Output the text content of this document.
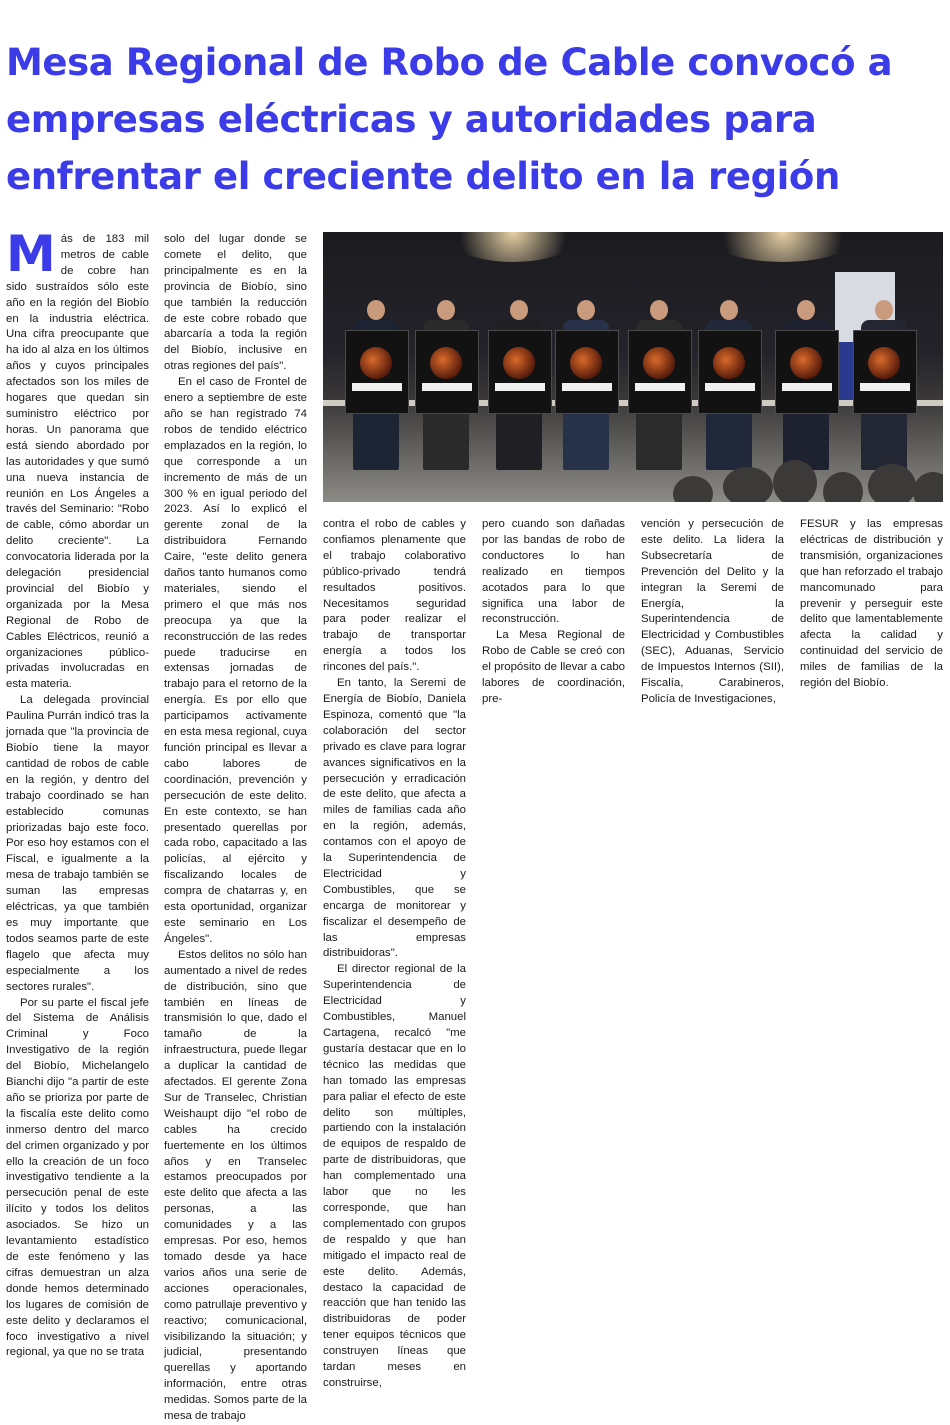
Mesa Regional de Robo de Cable convocó a empresas eléctricas y autoridades para enfrentar el creciente delito en la región

Más de 183 mil metros de cable de cobre han sido sustraídos sólo este año en la región del Biobío en la industria eléctrica. Una cifra preocupante que ha ido al alza en los últimos años y cuyos principales afectados son los miles de hogares que quedan sin suministro eléctrico por horas. Un panorama que está siendo abordado por las autoridades y que sumó una nueva instancia de reunión en Los Ángeles a través del Seminario: "Robo de cable, cómo abordar un delito creciente". La convocatoria liderada por la delegación presidencial provincial del Biobío y organizada por la Mesa Regional de Robo de Cables Eléctricos, reunió a organizaciones público-privadas involucradas en esta materia.

La delegada provincial Paulina Purrán indicó tras la jornada que "la provincia de Biobío tiene la mayor cantidad de robos de cable en la región, y dentro del trabajo coordinado se han establecido comunas priorizadas bajo este foco. Por eso hoy estamos con el Fiscal, e igualmente a la mesa de trabajo también se suman las empresas eléctricas, ya que también es muy importante que todos seamos parte de este flagelo que afecta muy especialmente a los sectores rurales".

Por su parte el fiscal jefe del Sistema de Análisis Criminal y Foco Investigativo de la región del Biobío, Michelangelo Bianchi dijo "a partir de este año se prioriza por parte de la fiscalía este delito como inmerso dentro del marco del crimen organizado y por ello la creación de un foco investigativo tendiente a la persecución penal de este ilícito y todos los delitos asociados. Se hizo un levantamiento estadístico de este fenómeno y las cifras demuestran un alza donde hemos determinado los lugares de comisión de este delito y declaramos el foco investigativo a nivel regional, ya que no se trata

solo del lugar donde se comete el delito, que principalmente es en la provincia de Biobío, sino que también la reducción de este cobre robado que abarcaría a toda la región del Biobío, inclusive en otras regiones del país".

En el caso de Frontel de enero a septiembre de este año se han registrado 74 robos de tendido eléctrico emplazados en la región, lo que corresponde a un incremento de más de un 300 % en igual periodo del 2023. Así lo explicó el gerente zonal de la distribuidora Fernando Caire, "este delito genera daños tanto humanos como materiales, siendo el primero el que más nos preocupa ya que la reconstrucción de las redes puede traducirse en extensas jornadas de trabajo para el retorno de la energía. Es por ello que participamos activamente en esta mesa regional, cuya función principal es llevar a cabo labores de coordinación, prevención y persecución de este delito. En este contexto, se han presentado querellas por cada robo, capacitado a las policías, al ejército y fiscalizando locales de compra de chatarras y, en esta oportunidad, organizar este seminario en Los Ángeles".

Estos delitos no sólo han aumentado a nivel de redes de distribución, sino que también en líneas de transmisión lo que, dado el tamaño de la infraestructura, puede llegar a duplicar la cantidad de afectados. El gerente Zona Sur de Transelec, Christian Weishaupt dijo "el robo de cables ha crecido fuertemente en los últimos años y en Transelec estamos preocupados por este delito que afecta a las personas, a las comunidades y a las empresas. Por eso, hemos tomado desde ya hace varios años una serie de acciones operacionales, como patrullaje preventivo y reactivo; comunicacional, visibilizando la situación; y judicial, presentando querellas y aportando información, entre otras medidas. Somos parte de la mesa de trabajo

contra el robo de cables y confiamos plenamente que el trabajo colaborativo público-privado tendrá resultados positivos. Necesitamos seguridad para poder realizar el trabajo de transportar energía a todos los rincones del país.".

En tanto, la Seremi de Energía de Biobío, Daniela Espinoza, comentó que "la colaboración del sector privado es clave para lograr avances significativos en la persecución y erradicación de este delito, que afecta a miles de familias cada año en la región, además, contamos con el apoyo de la Superintendencia de Electricidad y Combustibles, que se encarga de monitorear y fiscalizar el desempeño de las empresas distribuidoras".

El director regional de la Superintendencia de Electricidad y Combustibles, Manuel Cartagena, recalcó "me gustaría destacar que en lo técnico las medidas que han tomado las empresas para paliar el efecto de este delito son múltiples, partiendo con la instalación de equipos de respaldo de parte de distribuidoras, que han complementado una labor que no les corresponde, que han complementado con grupos de respaldo y que han mitigado el impacto real de este delito. Además, destaco la capacidad de reacción que han tenido las distribuidoras de poder tener equipos técnicos que construyen líneas que tardan meses en construirse,

pero cuando son dañadas por las bandas de robo de conductores lo han realizado en tiempos acotados para lo que significa una labor de reconstrucción.

La Mesa Regional de Robo de Cable se creó con el propósito de llevar a cabo labores de coordinación, pre-

vención y persecución de este delito. La lidera la Subsecretaría de Prevención del Delito y la integran la Seremi de Energía, la Superintendencia de Electricidad y Combustibles (SEC), Aduanas, Servicio de Impuestos Internos (SII), Fiscalía, Carabineros, Policía de Investigaciones,

FESUR y las empresas eléctricas de distribución y transmisión, organizaciones que han reforzado el trabajo mancomunado para prevenir y perseguir este delito que lamentablemente afecta la calidad y continuidad del servicio de miles de familias de la región del Biobío.
